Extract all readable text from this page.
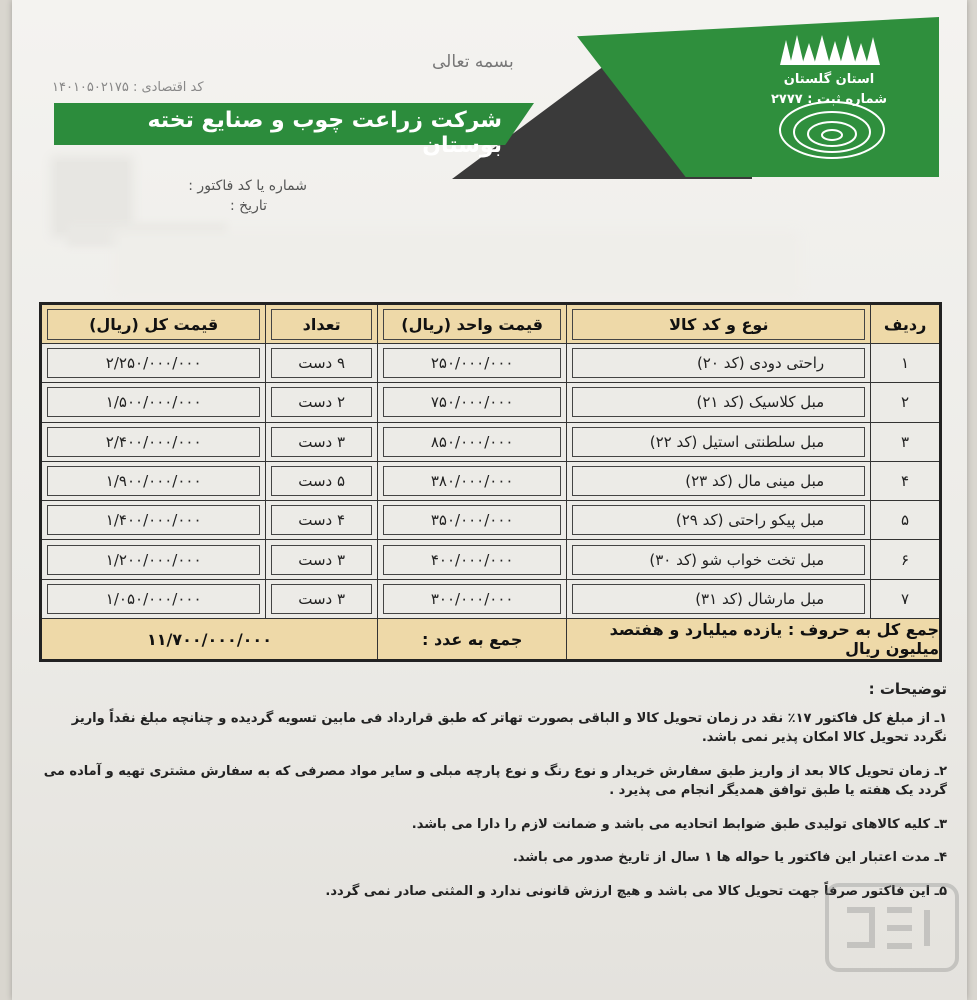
بسمه تعالی
کد اقتصادی : ۱۴۰۱۰۵۰۲۱۷۵
شرکت زراعت چوب و صنایع تخته بوستان
استان گلستان
شماره ثبت : ۲۷۷۷
شماره یا کد فاکتور :
تاریخ :
ردیف	نوع و کد کالا	قیمت واحد (ریال)	تعداد	قیمت کل (ریال)

۱	راحتی دودی (کد ۲۰)	۲۵۰/۰۰۰/۰۰۰	۹ دست	۲/۲۵۰/۰۰۰/۰۰۰

۲	مبل کلاسیک (کد ۲۱)	۷۵۰/۰۰۰/۰۰۰	۲ دست	۱/۵۰۰/۰۰۰/۰۰۰

۳	مبل سلطنتی استیل (کد ۲۲)	۸۵۰/۰۰۰/۰۰۰	۳ دست	۲/۴۰۰/۰۰۰/۰۰۰

۴	مبل مینی مال (کد ۲۳)	۳۸۰/۰۰۰/۰۰۰	۵ دست	۱/۹۰۰/۰۰۰/۰۰۰

۵	مبل پیکو راحتی (کد ۲۹)	۳۵۰/۰۰۰/۰۰۰	۴ دست	۱/۴۰۰/۰۰۰/۰۰۰

۶	مبل تخت خواب شو (کد ۳۰)	۴۰۰/۰۰۰/۰۰۰	۳ دست	۱/۲۰۰/۰۰۰/۰۰۰

۷	مبل مارشال (کد ۳۱)	۳۰۰/۰۰۰/۰۰۰	۳ دست	۱/۰۵۰/۰۰۰/۰۰۰

جمع کل به حروف : یازده میلیارد و هفتصد میلیون ریال		جمع به عدد :	۱۱/۷۰۰/۰۰۰/۰۰۰	
توضیحات :
۱ـ از مبلغ کل فاکتور ۱۷٪ نقد در زمان تحویل کالا و الباقی بصورت تهاتر که طبق قرارداد فی مابین تسویه گردیده و چنانچه مبلغ نقداً واریز نگردد تحویل کالا امکان پذیر نمی باشد.
۲ـ زمان تحویل کالا بعد از واریز طبق سفارش خریدار و نوع رنگ و نوع پارچه مبلی و سایر مواد مصرفی که به سفارش مشتری تهیه و آماده می گردد یک هفته یا طبق توافق همدیگر انجام می پذیرد .
۳ـ کلیه کالاهای تولیدی طبق ضوابط اتحادیه می باشد و ضمانت لازم را دارا می باشد.
۴ـ مدت اعتبار این فاکتور یا حواله ها ۱ سال از تاریخ صدور می باشد.
۵ـ این فاکتور صرفاً جهت تحویل کالا می باشد و هیچ ارزش قانونی ندارد و المثنی صادر نمی گردد.
